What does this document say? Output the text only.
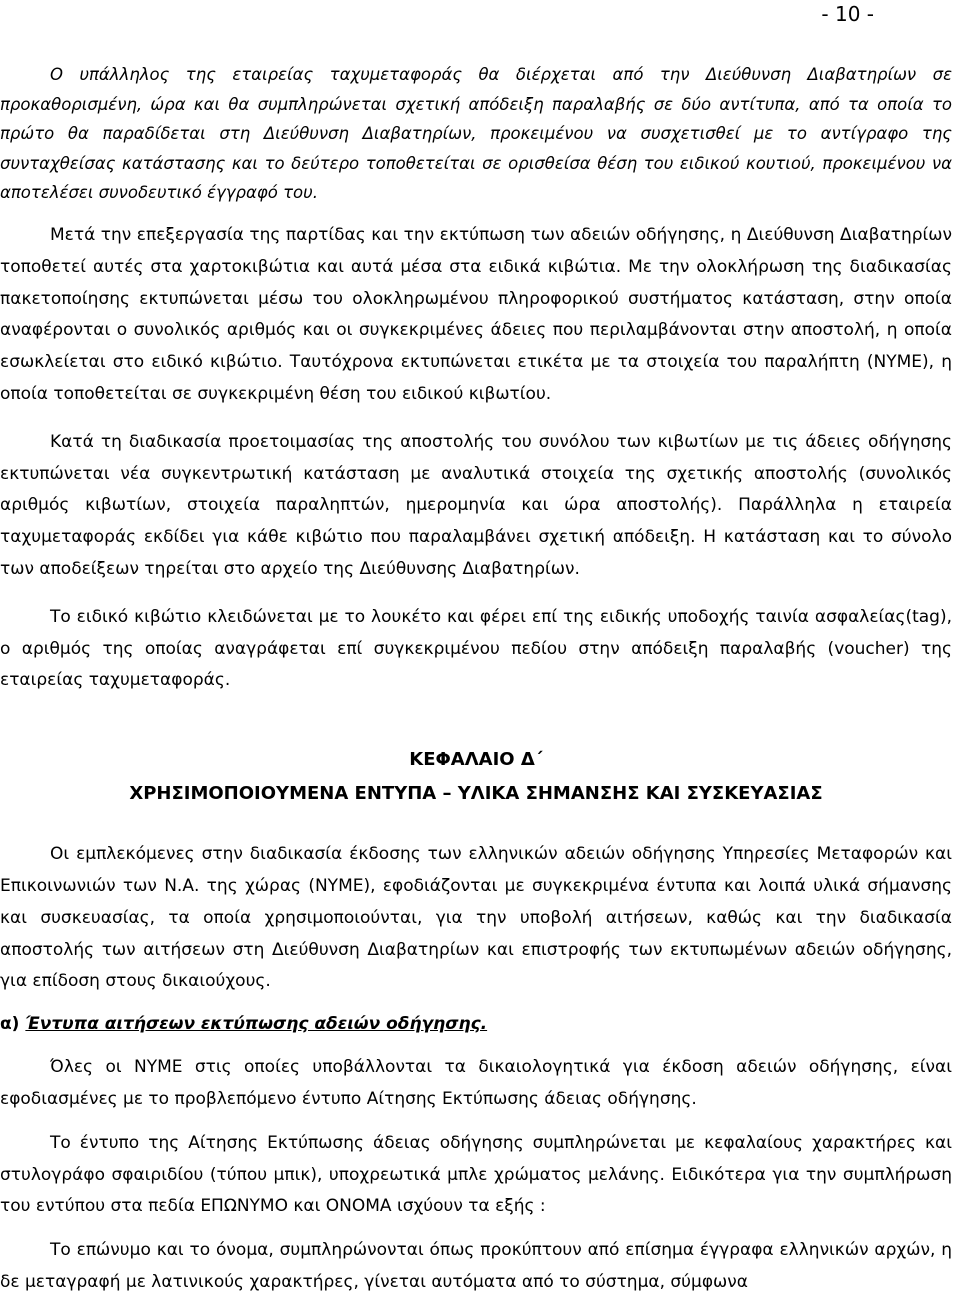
- 10 -

Ο υπάλληλος της εταιρείας ταχυμεταφοράς θα διέρχεται από την Διεύθυνση Διαβατηρίων σε προκαθορισμένη, ώρα και θα συμπληρώνεται σχετική απόδειξη παραλαβής σε δύο αντίτυπα, από τα οποία το πρώτο θα παραδίδεται στη Διεύθυνση Διαβατηρίων, προκειμένου να συσχετισθεί με το αντίγραφο της συνταχθείσας κατάστασης και το δεύτερο τοποθετείται σε ορισθείσα θέση του ειδικού κουτιού, προκειμένου να αποτελέσει συνοδευτικό έγγραφό του.

Μετά την επεξεργασία της παρτίδας και την εκτύπωση των αδειών οδήγησης, η Διεύθυνση Διαβατηρίων τοποθετεί αυτές στα χαρτοκιβώτια και αυτά μέσα στα ειδικά κιβώτια. Με την ολοκλήρωση της διαδικασίας πακετοποίησης εκτυπώνεται μέσω του ολοκληρωμένου πληροφορικού συστήματος κατάσταση, στην οποία αναφέρονται ο συνολικός αριθμός και οι συγκεκριμένες άδειες που περιλαμβάνονται στην αποστολή, η οποία εσωκλείεται στο ειδικό κιβώτιο. Ταυτόχρονα εκτυπώνεται ετικέτα με τα στοιχεία του παραλήπτη (ΝΥΜΕ), η οποία τοποθετείται σε συγκεκριμένη θέση του ειδικού κιβωτίου.

Κατά τη διαδικασία προετοιμασίας της αποστολής του συνόλου των κιβωτίων με τις άδειες οδήγησης εκτυπώνεται νέα συγκεντρωτική κατάσταση με αναλυτικά στοιχεία της σχετικής αποστολής (συνολικός αριθμός κιβωτίων, στοιχεία παραληπτών, ημερομηνία και ώρα αποστολής). Παράλληλα η εταιρεία ταχυμεταφοράς εκδίδει για κάθε κιβώτιο που παραλαμβάνει σχετική απόδειξη. Η κατάσταση και το σύνολο των αποδείξεων τηρείται στο αρχείο της Διεύθυνσης Διαβατηρίων.

Το ειδικό κιβώτιο κλειδώνεται με το λουκέτο και φέρει επί της ειδικής υποδοχής ταινία ασφαλείας(tag), ο αριθμός της οποίας αναγράφεται επί συγκεκριμένου πεδίου στην απόδειξη παραλαβής (voucher) της εταιρείας ταχυμεταφοράς.

ΚΕΦΑΛΑΙΟ Δ΄

ΧΡΗΣΙΜΟΠΟΙΟΥΜΕΝΑ ΕΝΤΥΠΑ – ΥΛΙΚΑ ΣΗΜΑΝΣΗΣ ΚΑΙ ΣΥΣΚΕΥΑΣΙΑΣ

Οι εμπλεκόμενες στην διαδικασία έκδοσης των ελληνικών αδειών οδήγησης Υπηρεσίες Μεταφορών και Επικοινωνιών των Ν.Α. της χώρας (ΝΥΜΕ), εφοδιάζονται με συγκεκριμένα έντυπα και λοιπά υλικά σήμανσης και συσκευασίας, τα οποία χρησιμοποιούνται, για την υποβολή αιτήσεων, καθώς και την διαδικασία αποστολής των αιτήσεων στη Διεύθυνση Διαβατηρίων και επιστροφής των εκτυπωμένων αδειών οδήγησης, για επίδοση στους δικαιούχους.

α) Έντυπα αιτήσεων εκτύπωσης αδειών οδήγησης.

Όλες οι ΝΥΜΕ στις οποίες υποβάλλονται τα δικαιολογητικά για έκδοση αδειών οδήγησης, είναι εφοδιασμένες με το προβλεπόμενο έντυπο Αίτησης Εκτύπωσης άδειας οδήγησης.

Το έντυπο της Αίτησης Εκτύπωσης άδειας οδήγησης συμπληρώνεται με κεφαλαίους χαρακτήρες και στυλογράφο σφαιριδίου (τύπου μπικ), υποχρεωτικά μπλε χρώματος μελάνης. Ειδικότερα για την συμπλήρωση του εντύπου στα πεδία ΕΠΩΝΥΜΟ και ΟΝΟΜΑ ισχύουν τα εξής :

Το επώνυμο και το όνομα, συμπληρώνονται όπως προκύπτουν από επίσημα έγγραφα ελληνικών αρχών, η δε μεταγραφή με λατινικούς χαρακτήρες, γίνεται αυτόματα από το σύστημα, σύμφωνα
